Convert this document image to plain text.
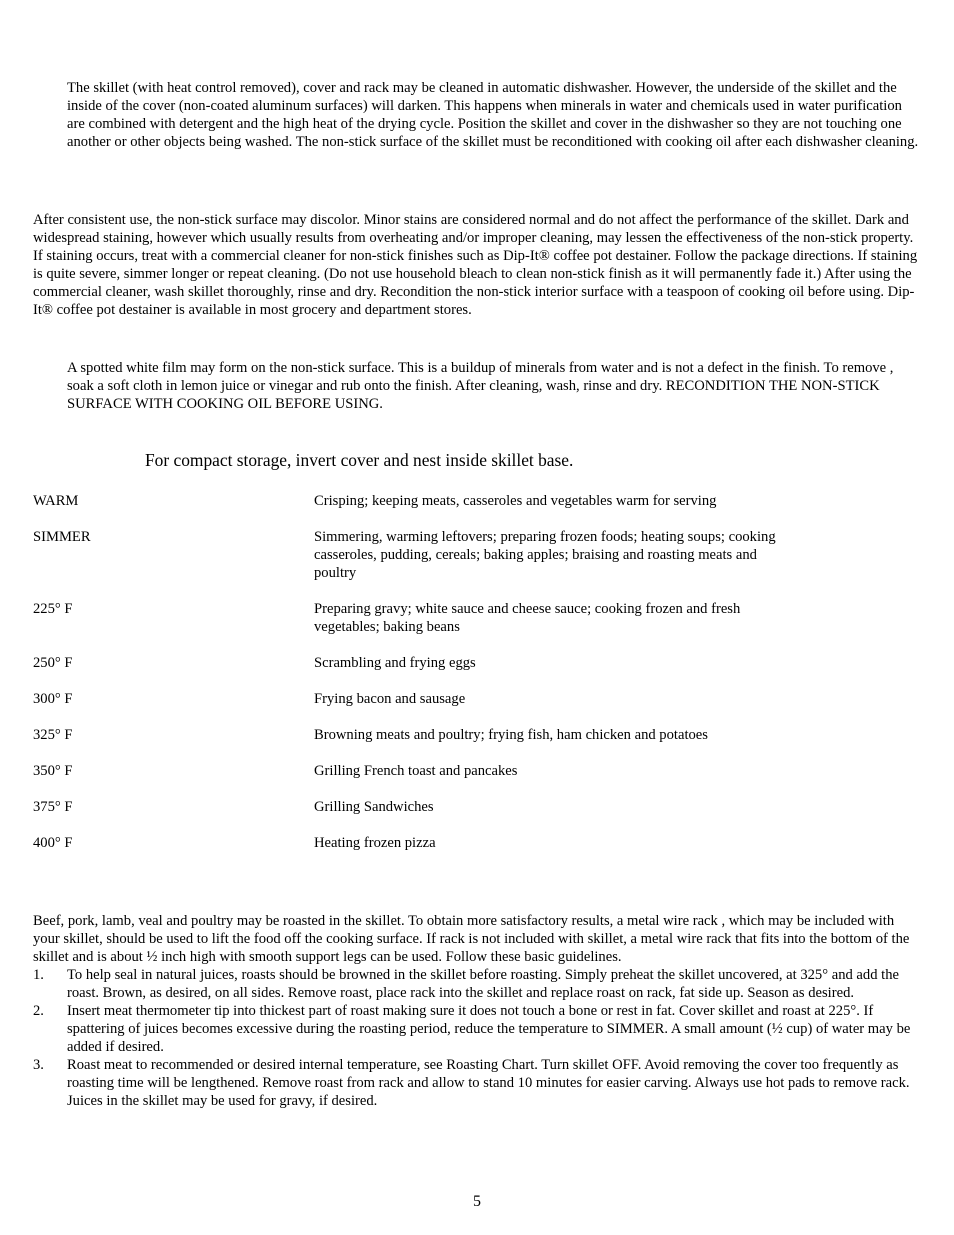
The skillet (with heat control removed), cover and rack may be cleaned in automatic dishwasher. However, the underside of the skillet and the inside of the cover (non-coated aluminum surfaces) will darken. This happens when minerals in water and chemicals used in water purification are combined with detergent and the high heat of the drying cycle. Position the skillet and cover in the dishwasher so they are not touching one another or other objects being washed. The non-stick surface of the skillet must be reconditioned with cooking oil after each dishwasher cleaning.

After consistent use, the non-stick surface may discolor. Minor stains are considered normal and do not affect the performance of the skillet. Dark and widespread staining, however which usually results from overheating and/or improper cleaning, may lessen the effectiveness of the non-stick property. If staining occurs, treat with a commercial cleaner for non-stick finishes such as Dip-It® coffee pot destainer. Follow the package directions. If staining is quite severe, simmer longer or repeat cleaning. (Do not use household bleach to clean non-stick finish as it will permanently fade it.) After using the commercial cleaner, wash skillet thoroughly, rinse and dry. Recondition the non-stick interior surface with a teaspoon of cooking oil before using. Dip-It® coffee pot destainer is available in most grocery and department stores.

A spotted white film may form on the non-stick surface. This is a buildup of minerals from water and is not a defect in the finish. To remove , soak a soft cloth in lemon juice or vinegar and rub onto the finish. After cleaning, wash, rinse and dry. RECONDITION THE NON-STICK SURFACE WITH COOKING OIL BEFORE USING.

For compact storage, invert cover and nest inside skillet base.

WARM	Crisping; keeping meats, casseroles and vegetables warm for serving
SIMMER	Simmering, warming leftovers; preparing frozen foods; heating soups; cooking casseroles, pudding, cereals; baking apples; braising and roasting meats and poultry
225° F	Preparing gravy; white sauce and cheese sauce; cooking frozen and fresh vegetables; baking beans
250° F	Scrambling and frying eggs
300° F	Frying bacon and sausage
325° F	Browning meats and poultry; frying fish, ham chicken and potatoes
350° F	Grilling French toast and pancakes
375° F	Grilling Sandwiches
400° F	Heating frozen pizza

Beef, pork, lamb, veal and poultry may be roasted in the skillet. To obtain more satisfactory results, a metal wire rack , which may be included with your skillet, should be used to lift the food off the cooking surface. If rack is not included with skillet, a metal wire rack that fits into the bottom of the skillet and is about ½ inch high with smooth support legs can be used. Follow these basic guidelines.

1.	To help seal in natural juices, roasts should be browned in the skillet before roasting. Simply preheat the skillet uncovered, at 325° and add the roast. Brown, as desired, on all sides. Remove roast, place rack into the skillet and replace roast on rack, fat side up. Season as desired.
2.	Insert meat thermometer tip into thickest part of roast making sure it does not touch a bone or rest in fat. Cover skillet and roast at 225°. If spattering of juices becomes excessive during the roasting period, reduce the temperature to SIMMER. A small amount (½ cup) of water may be added if desired.
3.	Roast meat to recommended or desired internal temperature, see Roasting Chart. Turn skillet OFF. Avoid removing the cover too frequently as roasting time will be lengthened. Remove roast from rack and allow to stand 10 minutes for easier carving. Always use hot pads to remove rack. Juices in the skillet may be used for gravy, if desired.
5
